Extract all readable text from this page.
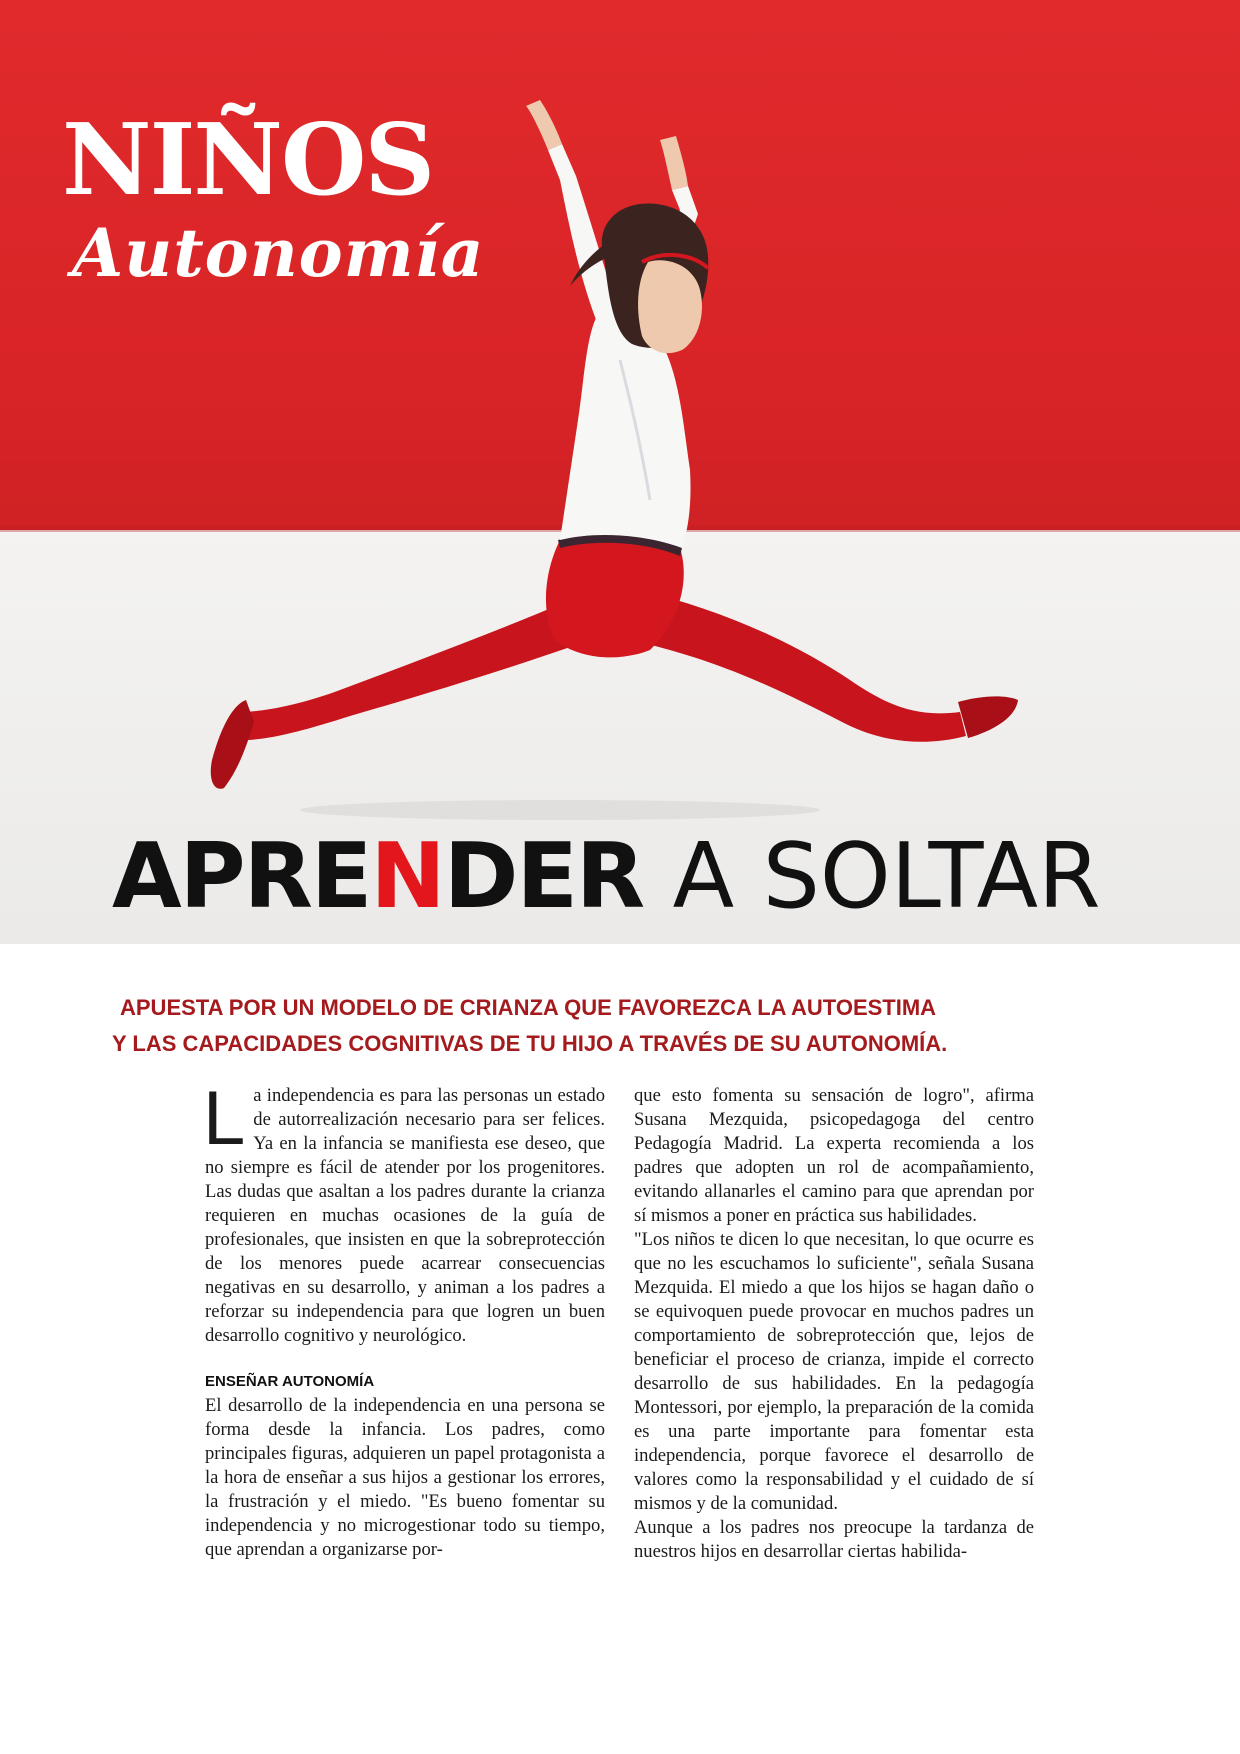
NIÑOS
Autonomía
APRENDER A SOLTAR
APUESTA POR UN MODELO DE CRIANZA QUE FAVOREZCA LA AUTOESTIMA
Y LAS CAPACIDADES COGNITIVAS DE TU HIJO A TRAVÉS DE SU AUTONOMÍA.

La independencia es para las personas un estado de autorrealización necesario para ser felices. Ya en la infancia se manifiesta ese deseo, que no siempre es fácil de atender por los progenitores. Las dudas que asaltan a los padres durante la crianza requieren en muchas ocasiones de la guía de profesionales, que insisten en que la sobreprotección de los menores puede acarrear consecuencias negativas en su desarrollo, y animan a los padres a reforzar su independencia para que logren un buen desarrollo cognitivo y neurológico.

ENSEÑAR AUTONOMÍA

El desarrollo de la independencia en una persona se forma desde la infancia. Los padres, como principales figuras, adquieren un papel protagonista a la hora de enseñar a sus hijos a gestionar los errores, la frustración y el miedo. "Es bueno fomentar su independencia y no microgestionar todo su tiempo, que aprendan a organizarse por-

que esto fomenta su sensación de logro", afirma Susana Mezquida, psicopedagoga del centro Pedagogía Madrid. La experta recomienda a los padres que adopten un rol de acompañamiento, evitando allanarles el camino para que aprendan por sí mismos a poner en práctica sus habilidades.

"Los niños te dicen lo que necesitan, lo que ocurre es que no les escuchamos lo suficiente", señala Susana Mezquida. El miedo a que los hijos se hagan daño o se equivoquen puede provocar en muchos padres un comportamiento de sobreprotección que, lejos de beneficiar el proceso de crianza, impide el correcto desarrollo de sus habilidades. En la pedagogía Montessori, por ejemplo, la preparación de la comida es una parte importante para fomentar esta independencia, porque favorece el desarrollo de valores como la responsabilidad y el cuidado de sí mismos y de la comunidad.

Aunque a los padres nos preocupe la tardanza de nuestros hijos en desarrollar ciertas habilida-
